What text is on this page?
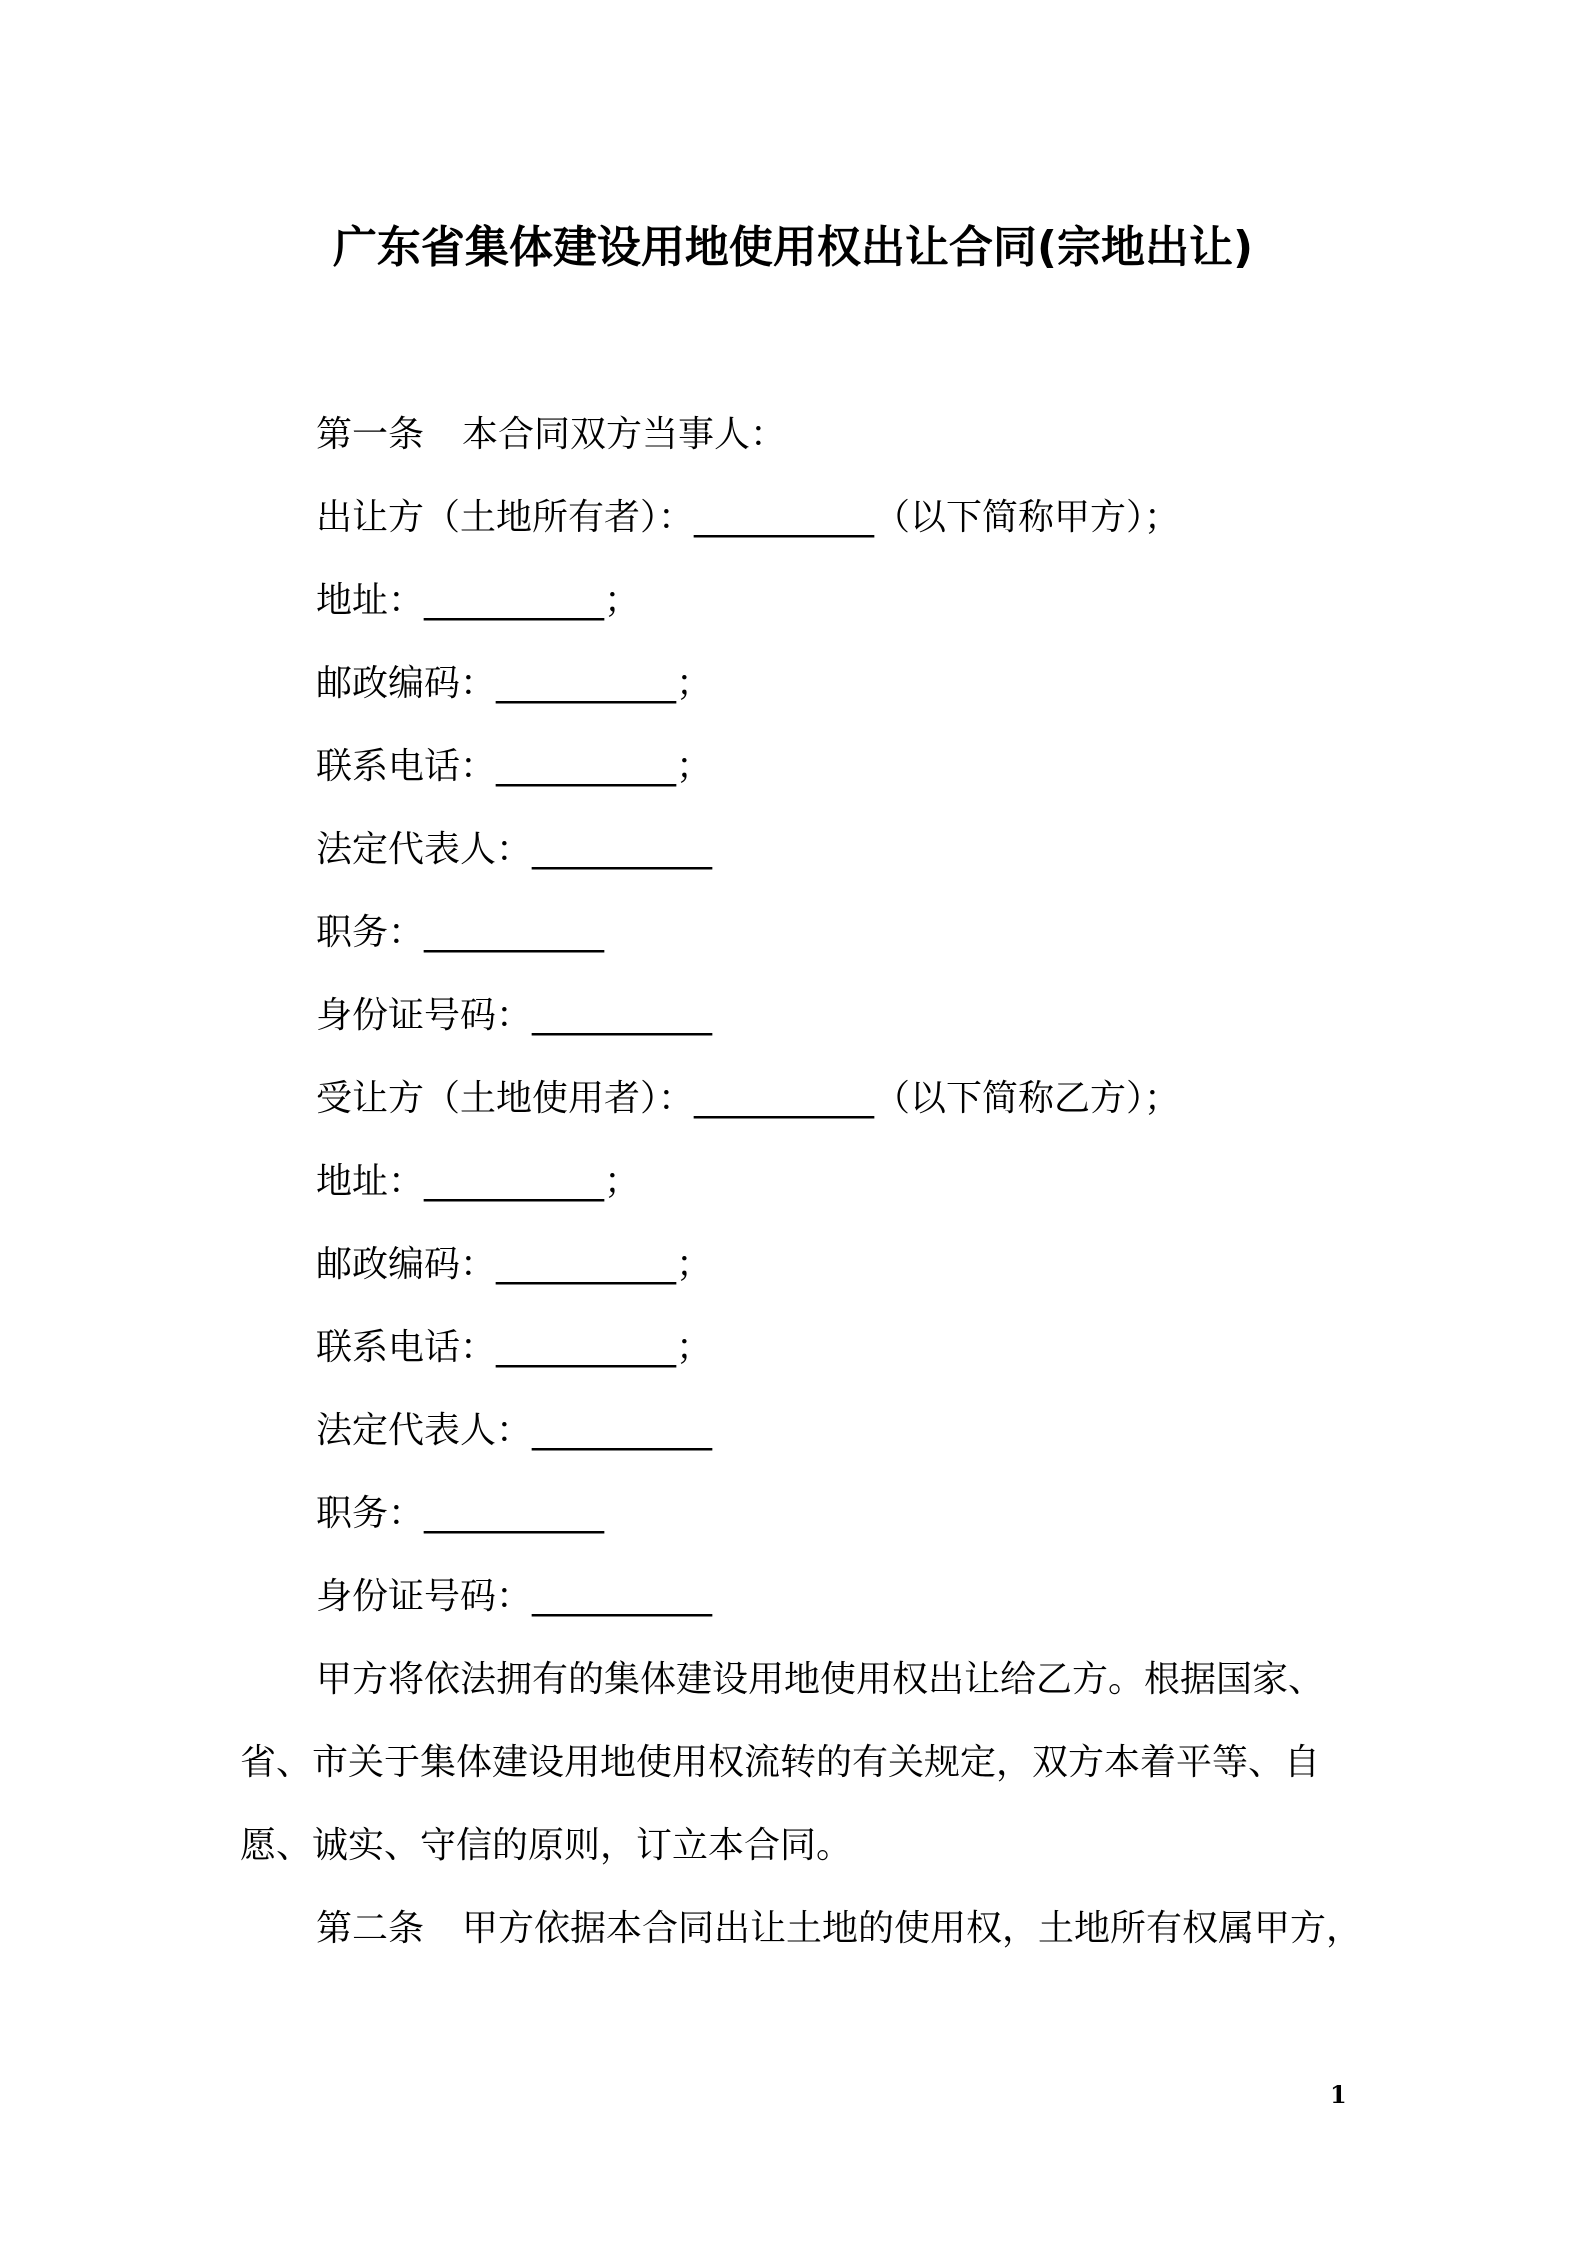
广东省集体建设用地使用权出让合同(宗地出让)
第一条 本合同双方当事人：
出让方（土地所有者）：__________（以下简称甲方）；
地址：__________；
邮政编码：__________；
联系电话：__________；
法定代表人：__________
职务：__________
身份证号码：__________
受让方（土地使用者）：__________（以下简称乙方）；
地址：__________；
邮政编码：__________；
联系电话：__________；
法定代表人：__________
职务：__________
身份证号码：__________
甲方将依法拥有的集体建设用地使用权出让给乙方。根据国家、省、市关于集体建设用地使用权流转的有关规定，双方本着平等、自愿、诚实、守信的原则，订立本合同。
第二条 甲方依据本合同出让土地的使用权，土地所有权属甲方，
1
